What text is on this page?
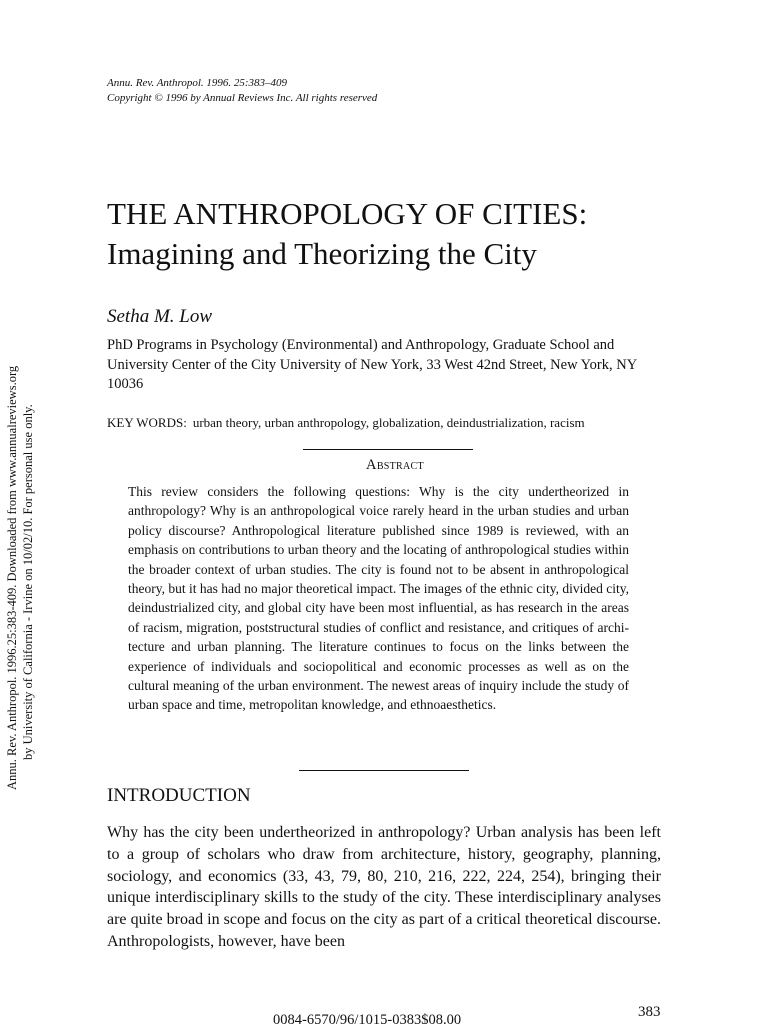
Annu. Rev. Anthropol. 1996.25:383-409. Downloaded from www.annualreviews.org by University of California - Irvine on 10/02/10. For personal use only.
Annu. Rev. Anthropol. 1996. 25:383–409
Copyright © 1996 by Annual Reviews Inc. All rights reserved
THE ANTHROPOLOGY OF CITIES:
Imagining and Theorizing the City
Setha M. Low
PhD Programs in Psychology (Environmental) and Anthropology, Graduate School and University Center of the City University of New York, 33 West 42nd Street, New York, NY 10036
KEY WORDS: urban theory, urban anthropology, globalization, deindustrialization, racism
Abstract
This review considers the following questions: Why is the city undertheorized in anthropology? Why is an anthropological voice rarely heard in the urban studies and urban policy discourse? Anthropological literature published since 1989 is reviewed, with an emphasis on contributions to urban theory and the locating of anthropological studies within the broader context of urban studies. The city is found not to be absent in anthropological theory, but it has had no major theoretical impact. The images of the ethnic city, divided city, deindustrialized city, and global city have been most influential, as has research in the areas of racism, migration, poststructural studies of conflict and resistance, and critiques of architecture and urban planning. The literature continues to focus on the links between the experience of individuals and sociopolitical and economic processes as well as on the cultural meaning of the urban environment. The newest areas of inquiry include the study of urban space and time, metropolitan knowledge, and ethnoaesthetics.
INTRODUCTION

Why has the city been undertheorized in anthropology? Urban analysis has been left to a group of scholars who draw from architecture, history, geography, planning, sociology, and economics (33, 43, 79, 80, 210, 216, 222, 224, 254), bringing their unique interdisciplinary skills to the study of the city. These interdisciplinary analyses are quite broad in scope and focus on the city as part of a critical theoretical discourse. Anthropologists, however, have been

0084-6570/96/1015-0383$08.00	383
